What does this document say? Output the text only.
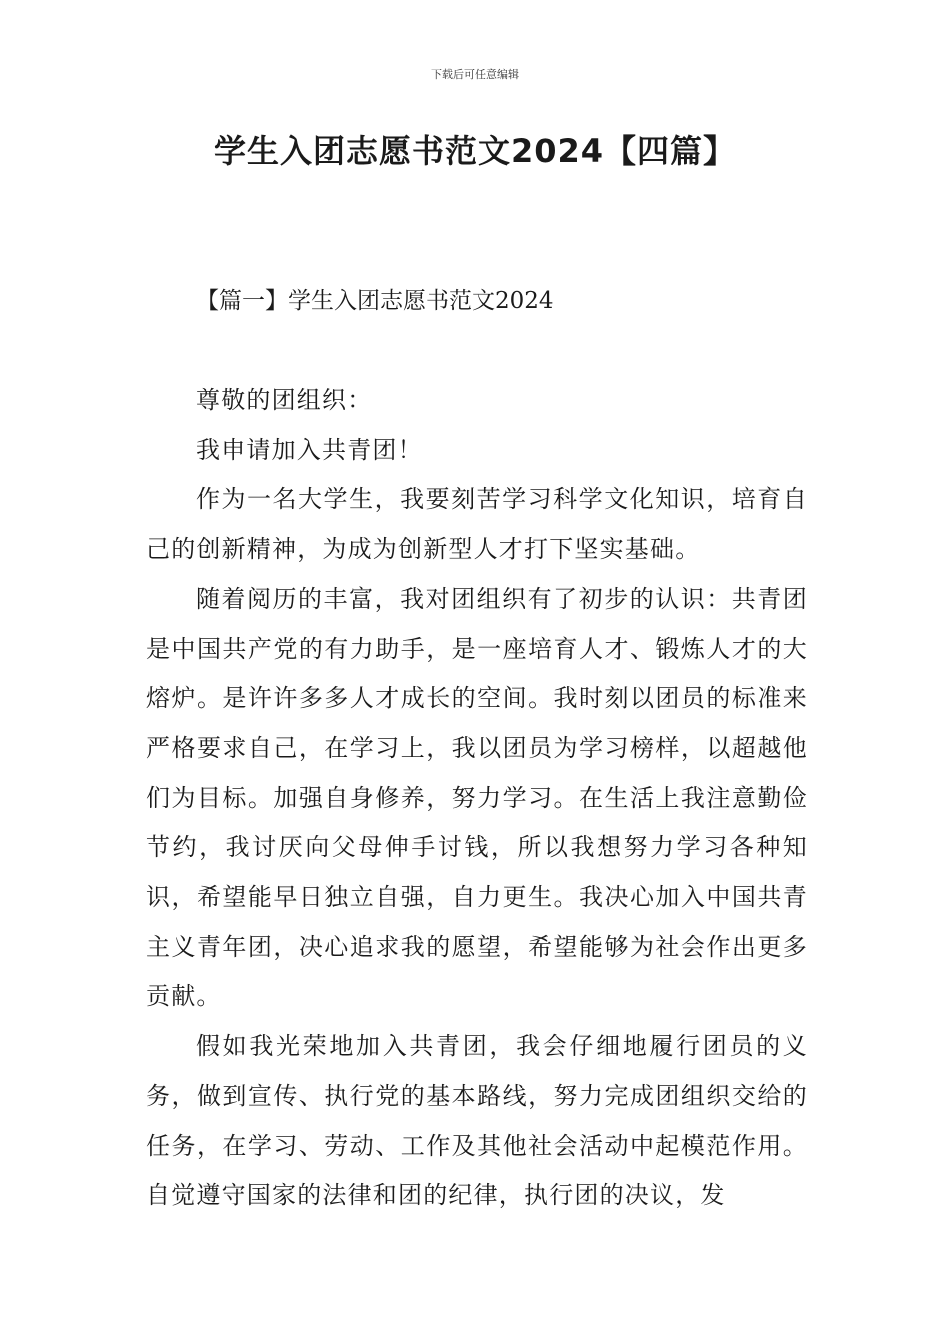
下载后可任意编辑
学生入团志愿书范文2024【四篇】
【篇一】学生入团志愿书范文2024

尊敬的团组织：

我申请加入共青团！

作为一名大学生，我要刻苦学习科学文化知识，培育自己的创新精神，为成为创新型人才打下坚实基础。

随着阅历的丰富，我对团组织有了初步的认识：共青团是中国共产党的有力助手，是一座培育人才、锻炼人才的大熔炉。是许许多多人才成长的空间。我时刻以团员的标准来严格要求自己，在学习上，我以团员为学习榜样，以超越他们为目标。加强自身修养，努力学习。在生活上我注意勤俭节约，我讨厌向父母伸手讨钱，所以我想努力学习各种知识，希望能早日独立自强，自力更生。我决心加入中国共青主义青年团，决心追求我的愿望，希望能够为社会作出更多贡献。

假如我光荣地加入共青团，我会仔细地履行团员的义务，做到宣传、执行党的基本路线，努力完成团组织交给的任务，在学习、劳动、工作及其他社会活动中起模范作用。自觉遵守国家的法律和团的纪律，执行团的决议，发
